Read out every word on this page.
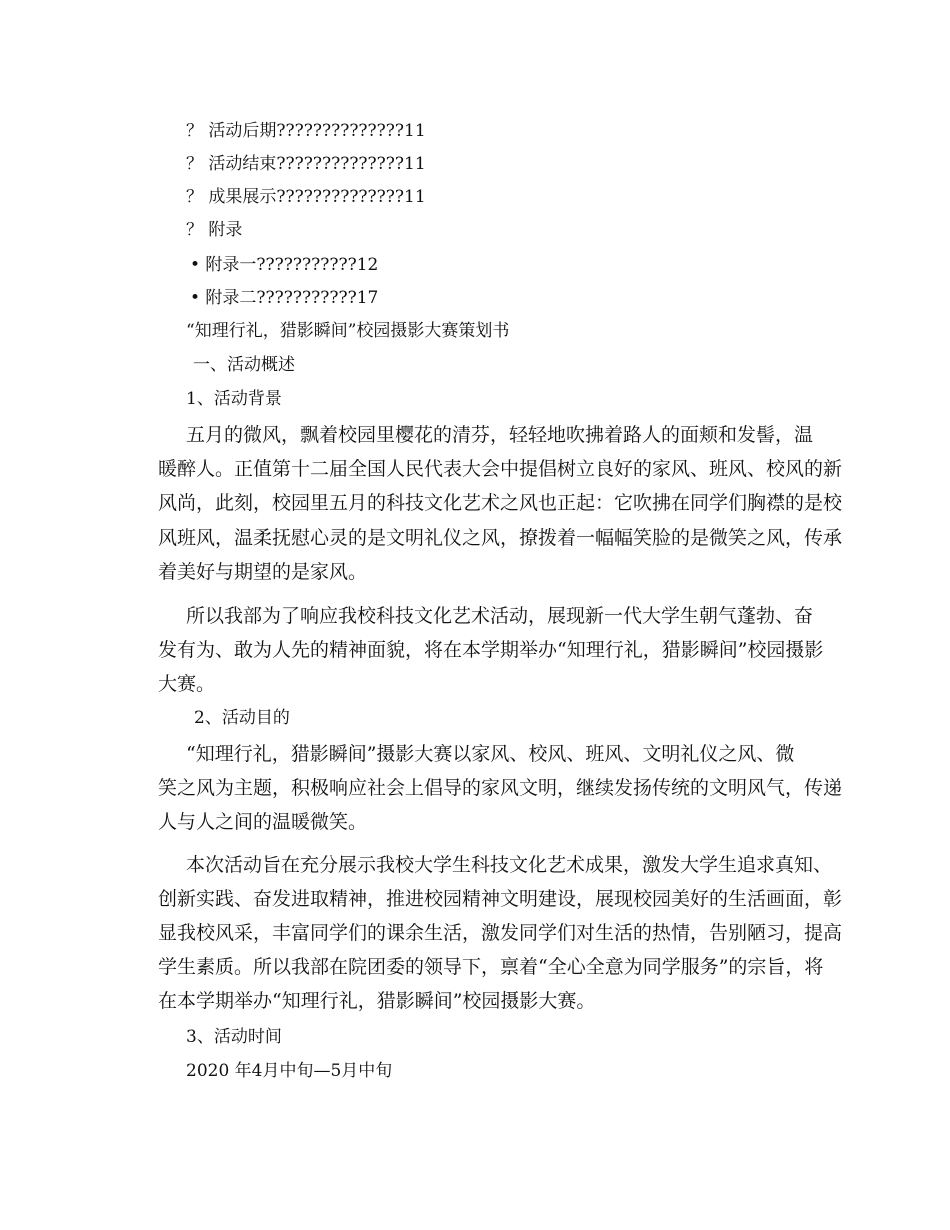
？ 活动后期??????????????11
？ 活动结束??????????????11
？ 成果展示??????????????11
？ 附录
• 附录一???????????12
• 附录二???????????17
“知理行礼，猎影瞬间”校园摄影大赛策划书
一、活动概述
1、活动背景
五月的微风，飘着校园里樱花的清芬，轻轻地吹拂着路人的面颊和发髻，温
暖醉人。正值第十二届全国人民代表大会中提倡树立良好的家风、班风、校风的新
风尚，此刻，校园里五月的科技文化艺术之风也正起：它吹拂在同学们胸襟的是校
风班风，温柔抚慰心灵的是文明礼仪之风，撩拨着一幅幅笑脸的是微笑之风，传承
着美好与期望的是家风。
所以我部为了响应我校科技文化艺术活动，展现新一代大学生朝气蓬勃、奋
发有为、敢为人先的精神面貌，将在本学期举办“知理行礼，猎影瞬间”校园摄影
大赛。
2、活动目的
“知理行礼，猎影瞬间”摄影大赛以家风、校风、班风、文明礼仪之风、微
笑之风为主题，积极响应社会上倡导的家风文明，继续发扬传统的文明风气，传递
人与人之间的温暖微笑。
本次活动旨在充分展示我校大学生科技文化艺术成果，激发大学生追求真知、
创新实践、奋发进取精神，推进校园精神文明建设，展现校园美好的生活画面，彰
显我校风采，丰富同学们的课余生活，激发同学们对生活的热情，告别陋习，提高
学生素质。所以我部在院团委的领导下，禀着“全心全意为同学服务”的宗旨，将
在本学期举办“知理行礼，猎影瞬间”校园摄影大赛。
3、活动时间
2020 年4月中旬—5月中旬
